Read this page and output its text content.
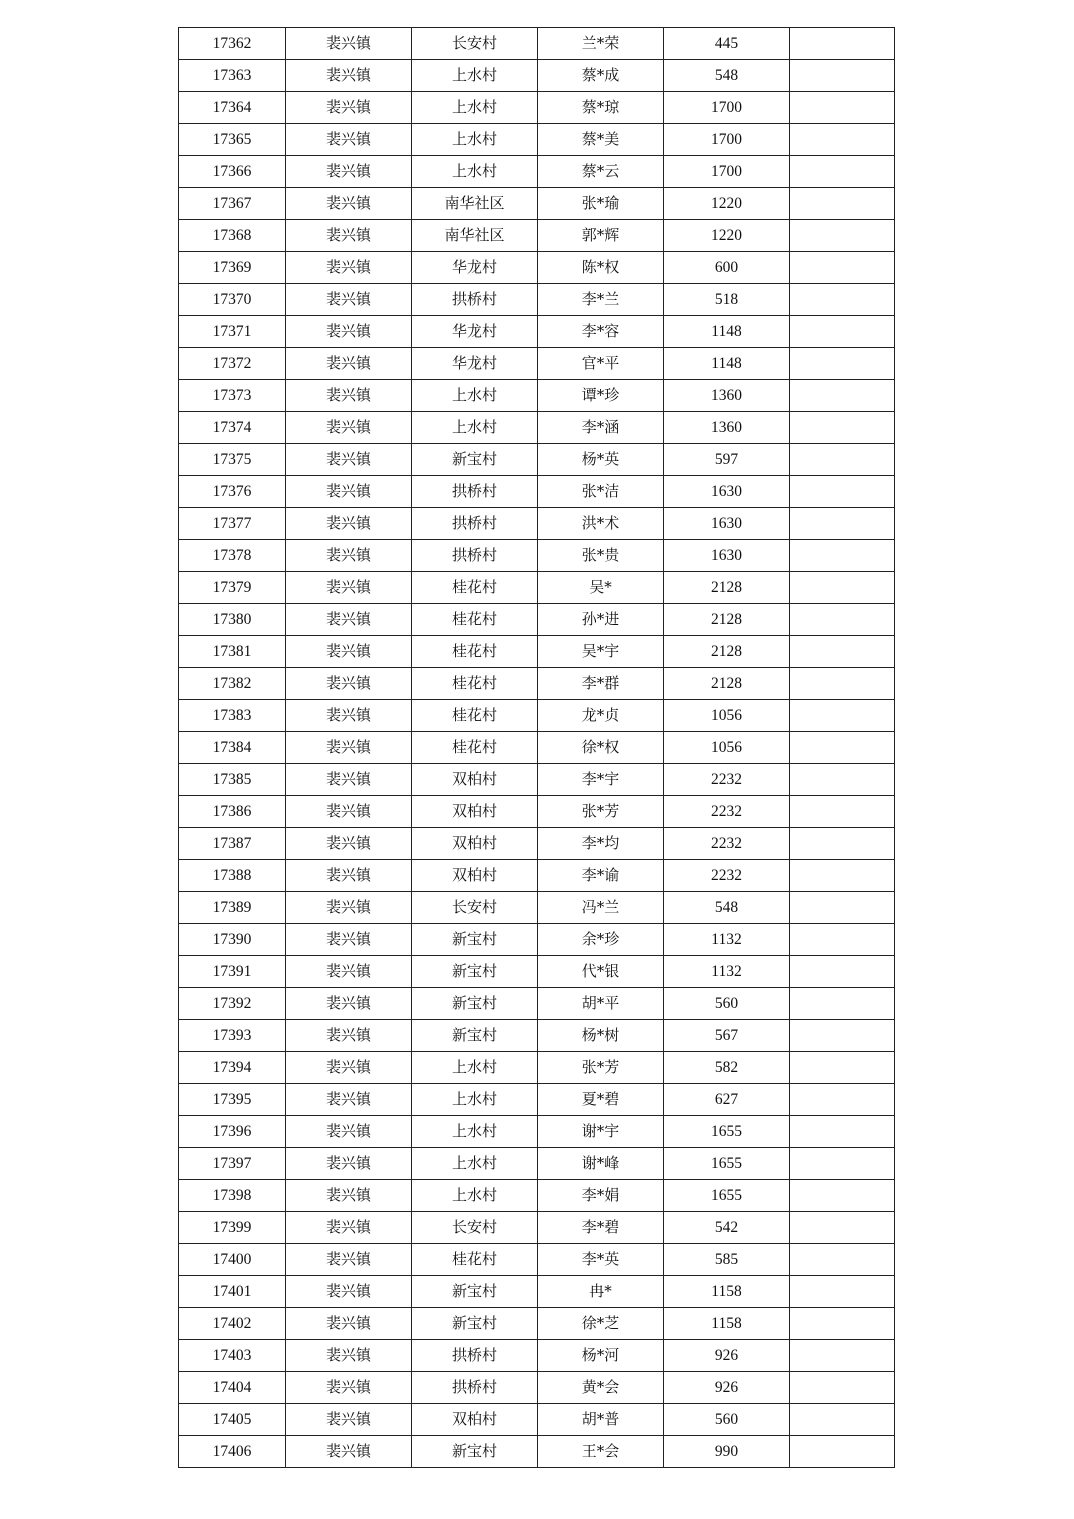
17362	裴兴镇	长安村	兰*荣	445	
17363	裴兴镇	上水村	蔡*成	548	
17364	裴兴镇	上水村	蔡*琼	1700	
17365	裴兴镇	上水村	蔡*美	1700	
17366	裴兴镇	上水村	蔡*云	1700	
17367	裴兴镇	南华社区	张*瑜	1220	
17368	裴兴镇	南华社区	郭*辉	1220	
17369	裴兴镇	华龙村	陈*权	600	
17370	裴兴镇	拱桥村	李*兰	518	
17371	裴兴镇	华龙村	李*容	1148	
17372	裴兴镇	华龙村	官*平	1148	
17373	裴兴镇	上水村	谭*珍	1360	
17374	裴兴镇	上水村	李*涵	1360	
17375	裴兴镇	新宝村	杨*英	597	
17376	裴兴镇	拱桥村	张*洁	1630	
17377	裴兴镇	拱桥村	洪*术	1630	
17378	裴兴镇	拱桥村	张*贵	1630	
17379	裴兴镇	桂花村	吴*	2128	
17380	裴兴镇	桂花村	孙*进	2128	
17381	裴兴镇	桂花村	吴*宇	2128	
17382	裴兴镇	桂花村	李*群	2128	
17383	裴兴镇	桂花村	龙*贞	1056	
17384	裴兴镇	桂花村	徐*权	1056	
17385	裴兴镇	双柏村	李*宇	2232	
17386	裴兴镇	双柏村	张*芳	2232	
17387	裴兴镇	双柏村	李*均	2232	
17388	裴兴镇	双柏村	李*谕	2232	
17389	裴兴镇	长安村	冯*兰	548	
17390	裴兴镇	新宝村	余*珍	1132	
17391	裴兴镇	新宝村	代*银	1132	
17392	裴兴镇	新宝村	胡*平	560	
17393	裴兴镇	新宝村	杨*树	567	
17394	裴兴镇	上水村	张*芳	582	
17395	裴兴镇	上水村	夏*碧	627	
17396	裴兴镇	上水村	谢*宇	1655	
17397	裴兴镇	上水村	谢*峰	1655	
17398	裴兴镇	上水村	李*娟	1655	
17399	裴兴镇	长安村	李*碧	542	
17400	裴兴镇	桂花村	李*英	585	
17401	裴兴镇	新宝村	冉*	1158	
17402	裴兴镇	新宝村	徐*芝	1158	
17403	裴兴镇	拱桥村	杨*河	926	
17404	裴兴镇	拱桥村	黄*会	926	
17405	裴兴镇	双柏村	胡*普	560	
17406	裴兴镇	新宝村	王*会	990	
